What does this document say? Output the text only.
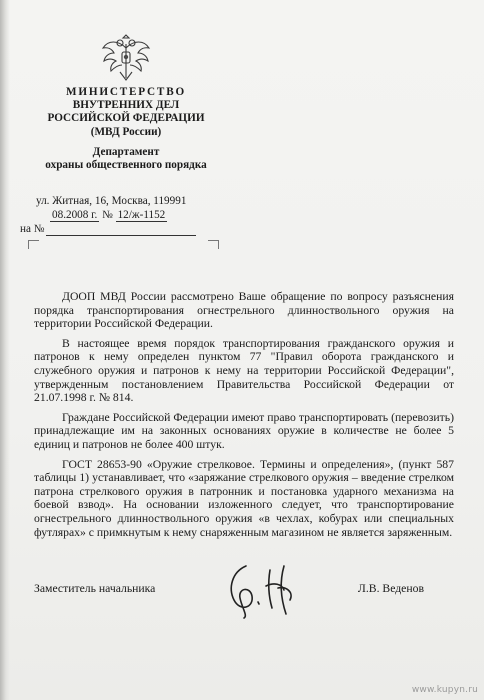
МИНИСТЕРСТВО
ВНУТРЕННИХ ДЕЛ
РОССИЙСКОЙ ФЕДЕРАЦИИ
(МВД России)
Департамент
охраны общественного порядка
ул. Житная, 16, Москва, 119991
08.2008 г. № 12/ж-1152
на №

ДООП МВД России рассмотрено Ваше обращение по вопросу разъяснения порядка транспортирования огнестрельного длинноствольного оружия на территории Российской Федерации.

В настоящее время порядок транспортирования гражданского оружия и патронов к нему определен пунктом 77 "Правил оборота гражданского и служебного оружия и патронов к нему на территории Российской Федерации", утвержденным постановлением Правительства Российской Федерации от 21.07.1998 г. № 814.

Граждане Российской Федерации имеют право транспортировать (перевозить) принадлежащие им на законных основаниях оружие в количестве не более 5 единиц и патронов не более 400 штук.

ГОСТ 28653-90 «Оружие стрелковое. Термины и определения», (пункт 587 таблицы 1) устанавливает, что «заряжание стрелкового оружия – введение стрелком патрона стрелкового оружия в патронник и постановка ударного механизма на боевой взвод». На основании изложенного следует, что транспортирование огнестрельного длинноствольного оружия «в чехлах, кобурах или специальных футлярах» с примкнутым к нему снаряженным магазином не является заряженным.

Заместитель начальника	Л.В. Веденов
www.kupyn.ru
